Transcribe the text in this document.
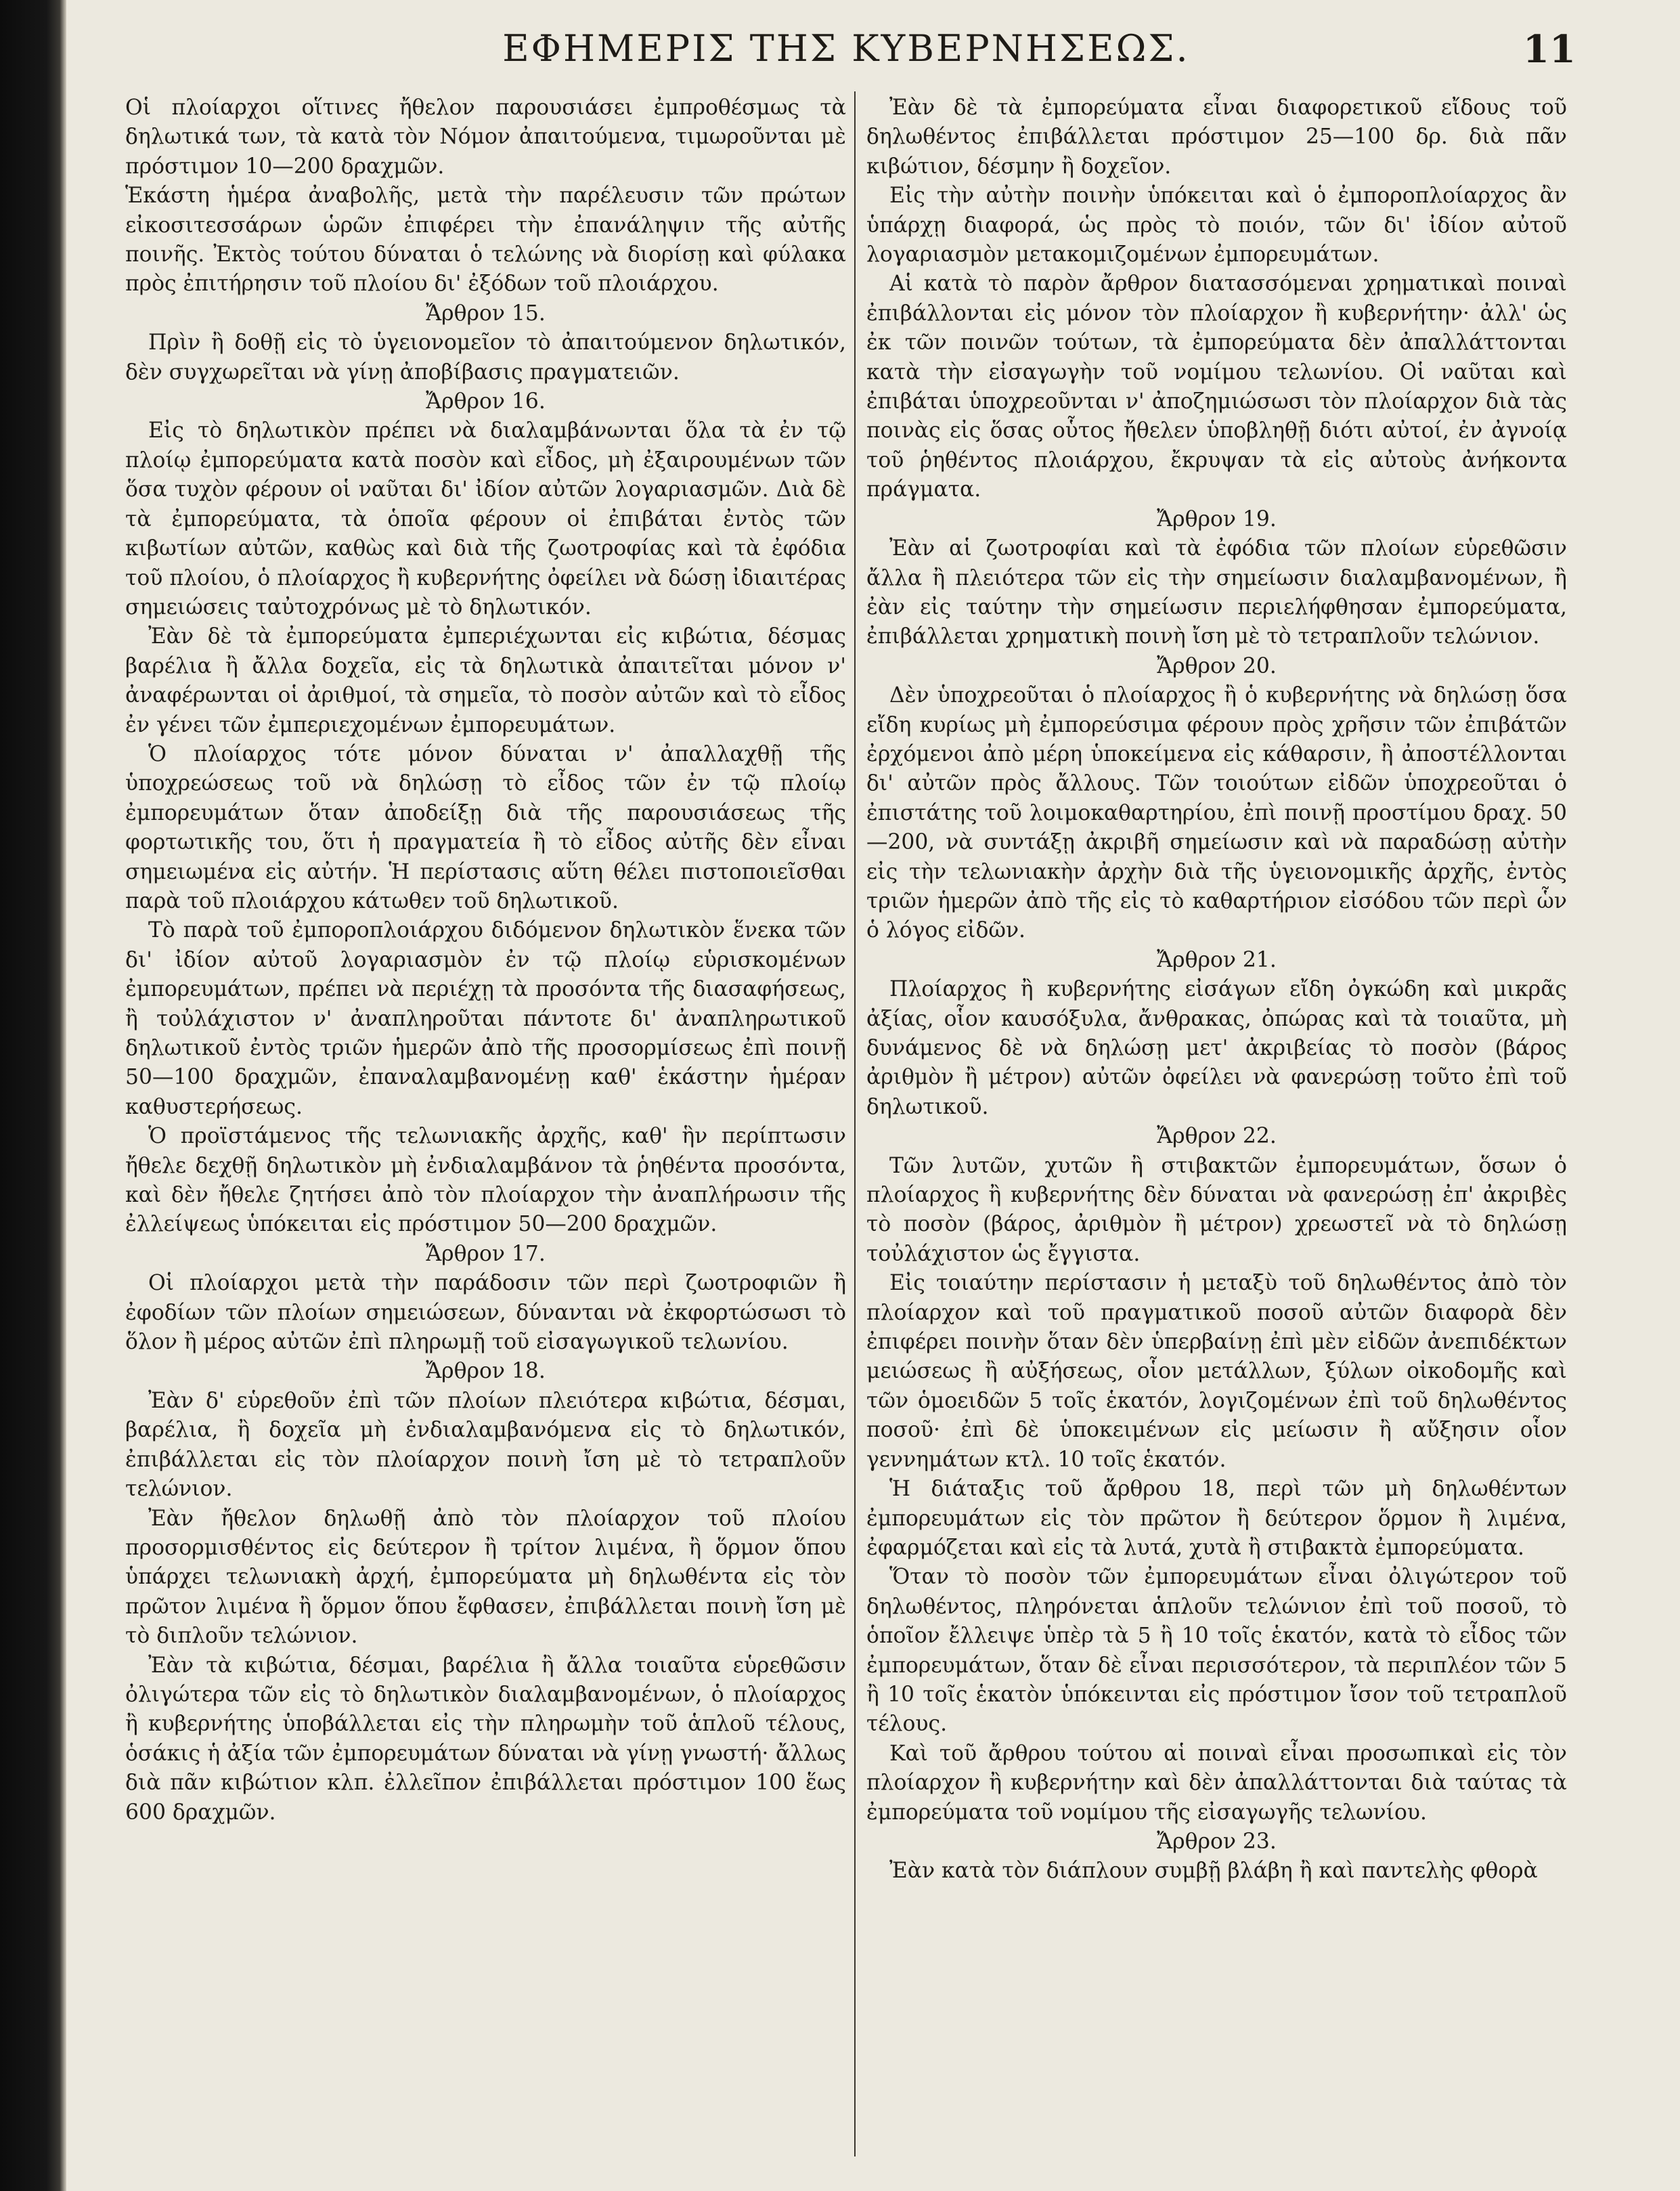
ΕΦΗΜΕΡΙΣ ΤΗΣ ΚΥΒΕΡΝΗΣΕΩΣ.	11

Οἱ πλοίαρχοι οἵτινες ἤθελον παρουσιάσει ἐμπροθέσμως τὰ δηλωτικά των, τὰ κατὰ τὸν Νόμον ἀπαιτούμενα, τιμωροῦνται μὲ πρόστιμον 10—200 δραχμῶν.

Ἑκάστη ἡμέρα ἀναβολῆς, μετὰ τὴν παρέλευσιν τῶν πρώτων εἰκοσιτεσσάρων ὡρῶν ἐπιφέρει τὴν ἐπανάληψιν τῆς αὐτῆς ποινῆς. Ἐκτὸς τούτου δύναται ὁ τελώνης νὰ διορίσῃ καὶ φύλακα πρὸς ἐπιτήρησιν τοῦ πλοίου δι' ἐξόδων τοῦ πλοιάρχου.

Ἄρθρον 15.

Πρὶν ἢ δοθῇ εἰς τὸ ὑγειονομεῖον τὸ ἀπαιτούμενον δηλωτικόν, δὲν συγχωρεῖται νὰ γίνῃ ἀποβίβασις πραγματειῶν.

Ἄρθρον 16.

Εἰς τὸ δηλωτικὸν πρέπει νὰ διαλαμβάνωνται ὅλα τὰ ἐν τῷ πλοίῳ ἐμπορεύματα κατὰ ποσὸν καὶ εἶδος, μὴ ἐξαιρουμένων τῶν ὅσα τυχὸν φέρουν οἱ ναῦται δι' ἰδίον αὐτῶν λογαριασμῶν. Διὰ δὲ τὰ ἐμπορεύματα, τὰ ὁποῖα φέρουν οἱ ἐπιβάται ἐντὸς τῶν κιβωτίων αὐτῶν, καθὼς καὶ διὰ τῆς ζωοτροφίας καὶ τὰ ἐφόδια τοῦ πλοίου, ὁ πλοίαρχος ἢ κυβερνήτης ὀφείλει νὰ δώσῃ ἰδιαιτέρας σημειώσεις ταὐτοχρόνως μὲ τὸ δηλωτικόν.

Ἐὰν δὲ τὰ ἐμπορεύματα ἐμπεριέχωνται εἰς κιβώτια, δέσμας βαρέλια ἢ ἄλλα δοχεῖα, εἰς τὰ δηλωτικὰ ἀπαιτεῖται μόνον ν' ἀναφέρωνται οἱ ἀριθμοί, τὰ σημεῖα, τὸ ποσὸν αὐτῶν καὶ τὸ εἶδος ἐν γένει τῶν ἐμπεριεχομένων ἐμπορευμάτων.

Ὁ πλοίαρχος τότε μόνον δύναται ν' ἀπαλλαχθῇ τῆς ὑποχρεώσεως τοῦ νὰ δηλώσῃ τὸ εἶδος τῶν ἐν τῷ πλοίῳ ἐμπορευμάτων ὅταν ἀποδείξῃ διὰ τῆς παρουσιάσεως τῆς φορτωτικῆς του, ὅτι ἡ πραγματεία ἢ τὸ εἶδος αὐτῆς δὲν εἶναι σημειωμένα εἰς αὐτήν. Ἡ περίστασις αὕτη θέλει πιστοποιεῖσθαι παρὰ τοῦ πλοιάρχου κάτωθεν τοῦ δηλωτικοῦ.

Τὸ παρὰ τοῦ ἐμποροπλοιάρχου διδόμενον δηλωτικὸν ἕνεκα τῶν δι' ἰδίον αὐτοῦ λογαριασμὸν ἐν τῷ πλοίῳ εὑρισκομένων ἐμπορευμάτων, πρέπει νὰ περιέχῃ τὰ προσόντα τῆς διασαφήσεως, ἢ τοὐλάχιστον ν' ἀναπληροῦται πάντοτε δι' ἀναπληρωτικοῦ δηλωτικοῦ ἐντὸς τριῶν ἡμερῶν ἀπὸ τῆς προσορμίσεως ἐπὶ ποινῇ 50—100 δραχμῶν, ἐπαναλαμβανομένῃ καθ' ἑκάστην ἡμέραν καθυστερήσεως.

Ὁ προϊστάμενος τῆς τελωνιακῆς ἀρχῆς, καθ' ἣν περίπτωσιν ἤθελε δεχθῇ δηλωτικὸν μὴ ἐνδιαλαμβάνον τὰ ῥηθέντα προσόντα, καὶ δὲν ἤθελε ζητήσει ἀπὸ τὸν πλοίαρχον τὴν ἀναπλήρωσιν τῆς ἐλλείψεως ὑπόκειται εἰς πρόστιμον 50—200 δραχμῶν.

Ἄρθρον 17.

Οἱ πλοίαρχοι μετὰ τὴν παράδοσιν τῶν περὶ ζωοτροφιῶν ἢ ἐφοδίων τῶν πλοίων σημειώσεων, δύνανται νὰ ἐκφορτώσωσι τὸ ὅλον ἢ μέρος αὐτῶν ἐπὶ πληρωμῇ τοῦ εἰσαγωγικοῦ τελωνίου.

Ἄρθρον 18.

Ἐὰν δ' εὑρεθοῦν ἐπὶ τῶν πλοίων πλειότερα κιβώτια, δέσμαι, βαρέλια, ἢ δοχεῖα μὴ ἐνδιαλαμβανόμενα εἰς τὸ δηλωτικόν, ἐπιβάλλεται εἰς τὸν πλοίαρχον ποινὴ ἴση μὲ τὸ τετραπλοῦν τελώνιον.

Ἐὰν ἤθελον δηλωθῇ ἀπὸ τὸν πλοίαρχον τοῦ πλοίου προσορμισθέντος εἰς δεύτερον ἢ τρίτον λιμένα, ἢ ὅρμον ὅπου ὑπάρχει τελωνιακὴ ἀρχή, ἐμπορεύματα μὴ δηλωθέντα εἰς τὸν πρῶτον λιμένα ἢ ὅρμον ὅπου ἔφθασεν, ἐπιβάλλεται ποινὴ ἴση μὲ τὸ διπλοῦν τελώνιον.

Ἐὰν τὰ κιβώτια, δέσμαι, βαρέλια ἢ ἄλλα τοιαῦτα εὑρεθῶσιν ὀλιγώτερα τῶν εἰς τὸ δηλωτικὸν διαλαμβανομένων, ὁ πλοίαρχος ἢ κυβερνήτης ὑποβάλλεται εἰς τὴν πληρωμὴν τοῦ ἁπλοῦ τέλους, ὁσάκις ἡ ἀξία τῶν ἐμπορευμάτων δύναται νὰ γίνῃ γνωστή· ἄλλως διὰ πᾶν κιβώτιον κλπ. ἐλλεῖπον ἐπιβάλλεται πρόστιμον 100 ἕως 600 δραχμῶν.

Ἐὰν δὲ τὰ ἐμπορεύματα εἶναι διαφορετικοῦ εἴδους τοῦ δηλωθέντος ἐπιβάλλεται πρόστιμον 25—100 δρ. διὰ πᾶν κιβώτιον, δέσμην ἢ δοχεῖον.

Εἰς τὴν αὐτὴν ποινὴν ὑπόκειται καὶ ὁ ἐμποροπλοίαρχος ἂν ὑπάρχῃ διαφορά, ὡς πρὸς τὸ ποιόν, τῶν δι' ἰδίον αὐτοῦ λογαριασμὸν μετακομιζομένων ἐμπορευμάτων.

Αἱ κατὰ τὸ παρὸν ἄρθρον διατασσόμεναι χρηματικαὶ ποιναὶ ἐπιβάλλονται εἰς μόνον τὸν πλοίαρχον ἢ κυβερνήτην· ἀλλ' ὡς ἐκ τῶν ποινῶν τούτων, τὰ ἐμπορεύματα δὲν ἀπαλλάττονται κατὰ τὴν εἰσαγωγὴν τοῦ νομίμου τελωνίου. Οἱ ναῦται καὶ ἐπιβάται ὑποχρεοῦνται ν' ἀποζημιώσωσι τὸν πλοίαρχον διὰ τὰς ποινὰς εἰς ὅσας οὗτος ἤθελεν ὑποβληθῇ διότι αὐτοί, ἐν ἀγνοίᾳ τοῦ ῥηθέντος πλοιάρχου, ἔκρυψαν τὰ εἰς αὐτοὺς ἀνήκοντα πράγματα.

Ἄρθρον 19.

Ἐὰν αἱ ζωοτροφίαι καὶ τὰ ἐφόδια τῶν πλοίων εὑρεθῶσιν ἄλλα ἢ πλειότερα τῶν εἰς τὴν σημείωσιν διαλαμβανομένων, ἢ ἐὰν εἰς ταύτην τὴν σημείωσιν περιελήφθησαν ἐμπορεύματα, ἐπιβάλλεται χρηματικὴ ποινὴ ἴση μὲ τὸ τετραπλοῦν τελώνιον.

Ἄρθρον 20.

Δὲν ὑποχρεοῦται ὁ πλοίαρχος ἢ ὁ κυβερνήτης νὰ δηλώσῃ ὅσα εἴδη κυρίως μὴ ἐμπορεύσιμα φέρουν πρὸς χρῆσιν τῶν ἐπιβάτῶν ἐρχόμενοι ἀπὸ μέρη ὑποκείμενα εἰς κάθαρσιν, ἢ ἀποστέλλονται δι' αὐτῶν πρὸς ἄλλους. Τῶν τοιούτων εἰδῶν ὑποχρεοῦται ὁ ἐπιστάτης τοῦ λοιμοκαθαρτηρίου, ἐπὶ ποινῇ προστίμου δραχ. 50—200, νὰ συντάξῃ ἀκριβῆ σημείωσιν καὶ νὰ παραδώσῃ αὐτὴν εἰς τὴν τελωνιακὴν ἀρχὴν διὰ τῆς ὑγειονομικῆς ἀρχῆς, ἐντὸς τριῶν ἡμερῶν ἀπὸ τῆς εἰς τὸ καθαρτήριον εἰσόδου τῶν περὶ ὧν ὁ λόγος εἰδῶν.

Ἄρθρον 21.

Πλοίαρχος ἢ κυβερνήτης εἰσάγων εἴδη ὀγκώδη καὶ μικρᾶς ἀξίας, οἷον καυσόξυλα, ἄνθρακας, ὀπώρας καὶ τὰ τοιαῦτα, μὴ δυνάμενος δὲ νὰ δηλώσῃ μετ' ἀκριβείας τὸ ποσὸν (βάρος ἀριθμὸν ἢ μέτρον) αὐτῶν ὀφείλει νὰ φανερώσῃ τοῦτο ἐπὶ τοῦ δηλωτικοῦ.

Ἄρθρον 22.

Τῶν λυτῶν, χυτῶν ἢ στιβακτῶν ἐμπορευμάτων, ὅσων ὁ πλοίαρχος ἢ κυβερνήτης δὲν δύναται νὰ φανερώσῃ ἐπ' ἀκριβὲς τὸ ποσὸν (βάρος, ἀριθμὸν ἢ μέτρον) χρεωστεῖ νὰ τὸ δηλώσῃ τοὐλάχιστον ὡς ἔγγιστα.

Εἰς τοιαύτην περίστασιν ἡ μεταξὺ τοῦ δηλωθέντος ἀπὸ τὸν πλοίαρχον καὶ τοῦ πραγματικοῦ ποσοῦ αὐτῶν διαφορὰ δὲν ἐπιφέρει ποινὴν ὅταν δὲν ὑπερβαίνῃ ἐπὶ μὲν εἰδῶν ἀνεπιδέκτων μειώσεως ἢ αὐξήσεως, οἷον μετάλλων, ξύλων οἰκοδομῆς καὶ τῶν ὁμοειδῶν 5 τοῖς ἑκατόν, λογιζομένων ἐπὶ τοῦ δηλωθέντος ποσοῦ· ἐπὶ δὲ ὑποκειμένων εἰς μείωσιν ἢ αὔξησιν οἷον γεννημάτων κτλ. 10 τοῖς ἑκατόν.

Ἡ διάταξις τοῦ ἄρθρου 18, περὶ τῶν μὴ δηλωθέντων ἐμπορευμάτων εἰς τὸν πρῶτον ἢ δεύτερον ὅρμον ἢ λιμένα, ἐφαρμόζεται καὶ εἰς τὰ λυτά, χυτὰ ἢ στιβακτὰ ἐμπορεύματα.

Ὅταν τὸ ποσὸν τῶν ἐμπορευμάτων εἶναι ὀλιγώτερον τοῦ δηλωθέντος, πληρόνεται ἁπλοῦν τελώνιον ἐπὶ τοῦ ποσοῦ, τὸ ὁποῖον ἔλλειψε ὑπὲρ τὰ 5 ἢ 10 τοῖς ἑκατόν, κατὰ τὸ εἶδος τῶν ἐμπορευμάτων, ὅταν δὲ εἶναι περισσότερον, τὰ περιπλέον τῶν 5 ἢ 10 τοῖς ἑκατὸν ὑπόκεινται εἰς πρόστιμον ἴσον τοῦ τετραπλοῦ τέλους.

Καὶ τοῦ ἄρθρου τούτου αἱ ποιναὶ εἶναι προσωπικαὶ εἰς τὸν πλοίαρχον ἢ κυβερνήτην καὶ δὲν ἀπαλλάττονται διὰ ταύτας τὰ ἐμπορεύματα τοῦ νομίμου τῆς εἰσαγωγῆς τελωνίου.

Ἄρθρον 23.

Ἐὰν κατὰ τὸν διάπλουν συμβῇ βλάβη ἢ καὶ παντελὴς φθορὰ
